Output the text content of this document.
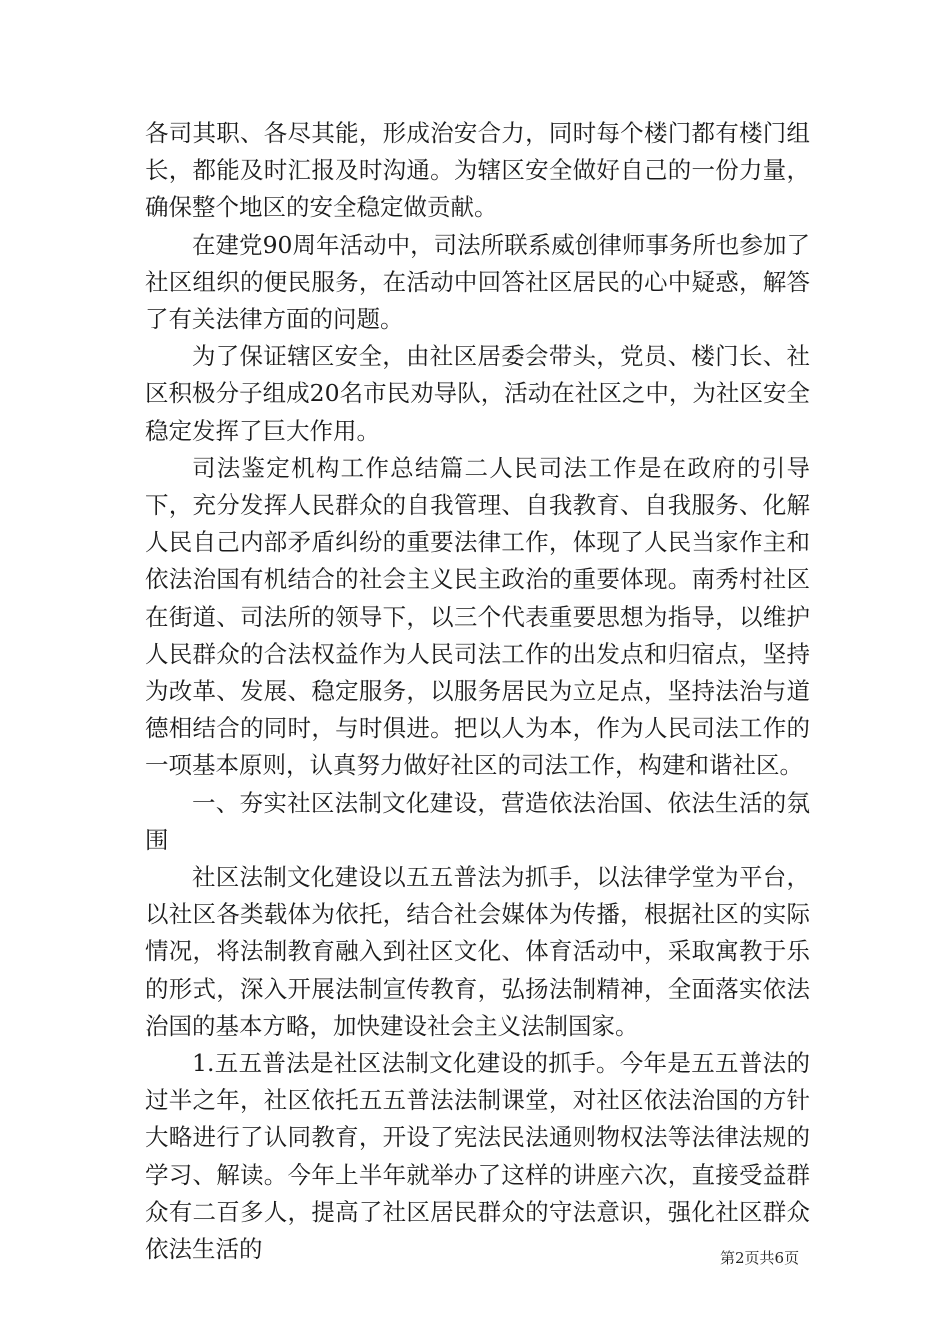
各司其职、各尽其能，形成治安合力，同时每个楼门都有楼门组长，都能及时汇报及时沟通。为辖区安全做好自己的一份力量，确保整个地区的安全稳定做贡献。

在建党90周年活动中，司法所联系威创律师事务所也参加了社区组织的便民服务，在活动中回答社区居民的心中疑惑，解答了有关法律方面的问题。

为了保证辖区安全，由社区居委会带头，党员、楼门长、社区积极分子组成20名市民劝导队，活动在社区之中，为社区安全稳定发挥了巨大作用。

司法鉴定机构工作总结篇二人民司法工作是在政府的引导下，充分发挥人民群众的自我管理、自我教育、自我服务、化解人民自己内部矛盾纠纷的重要法律工作，体现了人民当家作主和依法治国有机结合的社会主义民主政治的重要体现。南秀村社区在街道、司法所的领导下，以三个代表重要思想为指导，以维护人民群众的合法权益作为人民司法工作的出发点和归宿点，坚持为改革、发展、稳定服务，以服务居民为立足点，坚持法治与道德相结合的同时，与时俱进。把以人为本，作为人民司法工作的一项基本原则，认真努力做好社区的司法工作，构建和谐社区。

一、夯实社区法制文化建设，营造依法治国、依法生活的氛围

社区法制文化建设以五五普法为抓手，以法律学堂为平台，以社区各类载体为依托，结合社会媒体为传播，根据社区的实际情况，将法制教育融入到社区文化、体育活动中，采取寓教于乐的形式，深入开展法制宣传教育，弘扬法制精神，全面落实依法治国的基本方略，加快建设社会主义法制国家。

1.五五普法是社区法制文化建设的抓手。今年是五五普法的过半之年，社区依托五五普法法制课堂，对社区依法治国的方针大略进行了认同教育，开设了宪法民法通则物权法等法律法规的学习、解读。今年上半年就举办了这样的讲座六次，直接受益群众有二百多人，提高了社区居民群众的守法意识，强化社区群众依法生活的	第2页共6页
